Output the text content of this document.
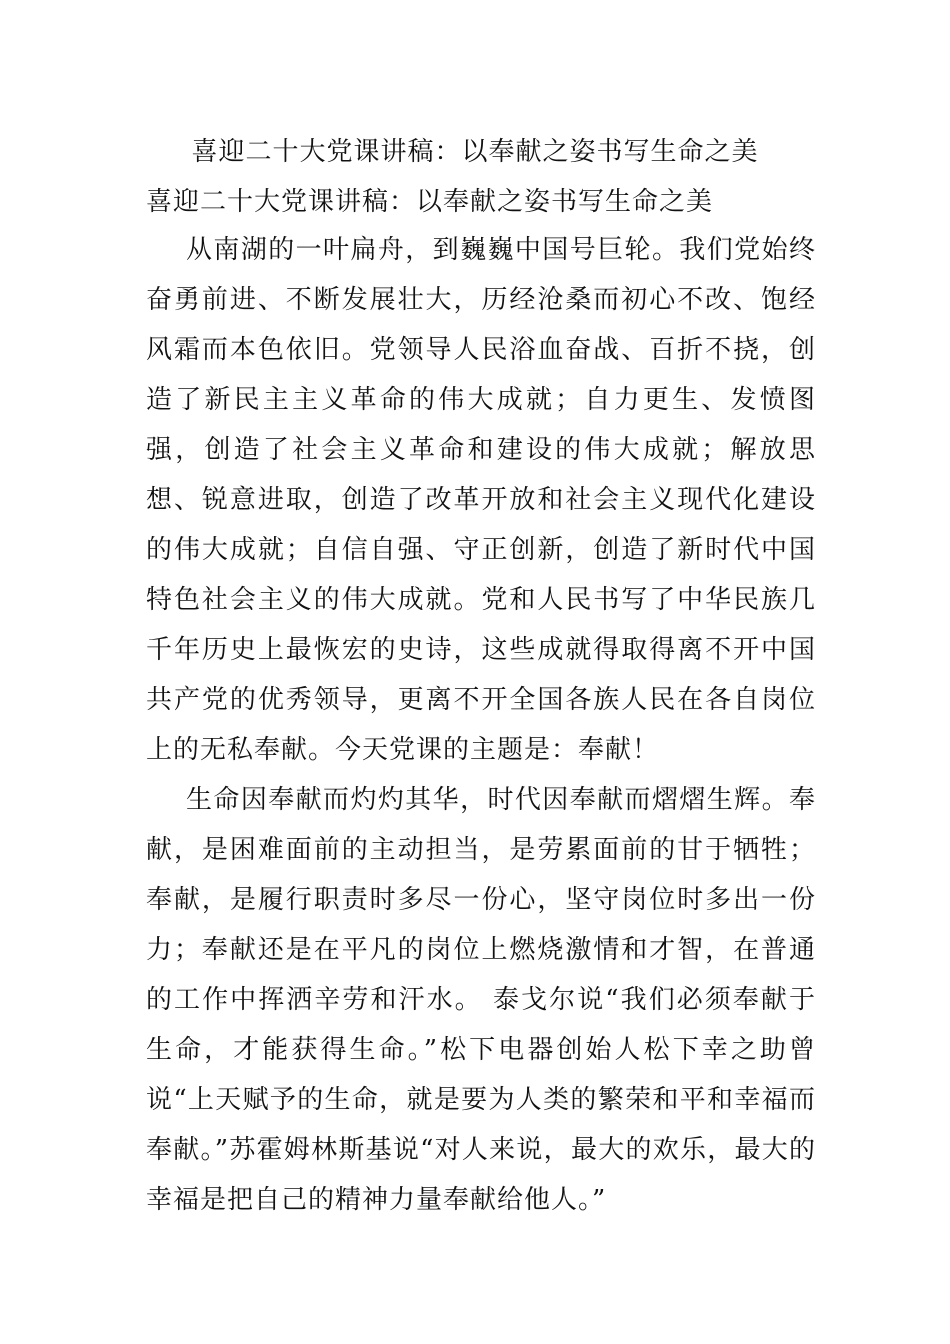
喜迎二十大党课讲稿：以奉献之姿书写生命之美
喜迎二十大党课讲稿：以奉献之姿书写生命之美

从南湖的一叶扁舟，到巍巍中国号巨轮。我们党始终奋勇前进、不断发展壮大，历经沧桑而初心不改、饱经风霜而本色依旧。党领导人民浴血奋战、百折不挠，创造了新民主主义革命的伟大成就；自力更生、发愤图强，创造了社会主义革命和建设的伟大成就；解放思想、锐意进取，创造了改革开放和社会主义现代化建设的伟大成就；自信自强、守正创新，创造了新时代中国特色社会主义的伟大成就。党和人民书写了中华民族几千年历史上最恢宏的史诗，这些成就得取得离不开中国共产党的优秀领导，更离不开全国各族人民在各自岗位上的无私奉献。今天党课的主题是：奉献！

生命因奉献而灼灼其华，时代因奉献而熠熠生辉。奉献，是困难面前的主动担当，是劳累面前的甘于牺牲；奉献，是履行职责时多尽一份心，坚守岗位时多出一份力；奉献还是在平凡的岗位上燃烧激情和才智，在普通的工作中挥洒辛劳和汗水。 泰戈尔说“我们必须奉献于生命，才能获得生命。”松下电器创始人松下幸之助曾说“上天赋予的生命，就是要为人类的繁荣和平和幸福而奉献。”苏霍姆林斯基说“对人来说，最大的欢乐，最大的幸福是把自己的精神力量奉献给他人。”
